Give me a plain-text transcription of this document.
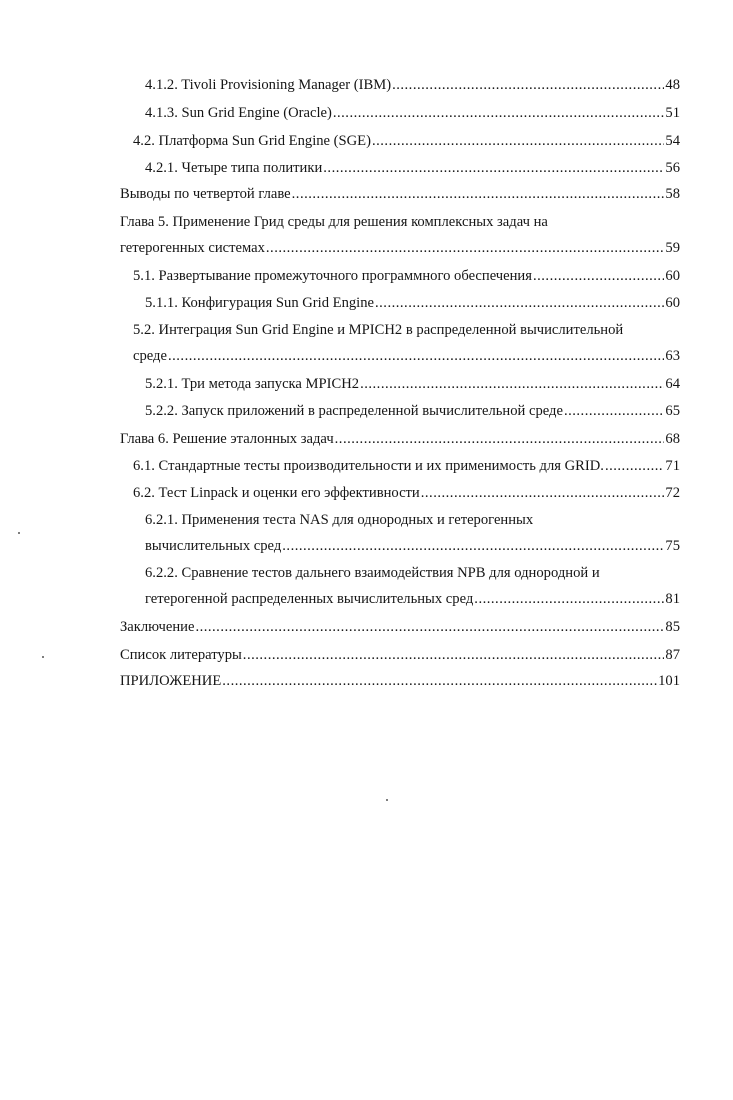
4.1.2. Tivoli Provisioning Manager (IBM) .....	48
4.1.3. Sun Grid Engine (Oracle) .....	51
4.2. Платформа Sun Grid Engine (SGE) .....	54
4.2.1. Четыре типа политики .....	56
Выводы по четвертой главе .....	58
Глава 5. Применение Грид среды для решения комплексных задач на
гетерогенных системах .....	59
5.1. Развертывание промежуточного программного обеспечения .....	60
5.1.1. Конфигурация Sun Grid Engine .....	60
5.2. Интеграция Sun Grid Engine и MPICH2 в распределенной вычислительной
среде .....	63
5.2.1. Три метода запуска MPICH2 .....	64
5.2.2. Запуск приложений в распределенной вычислительной среде .....	65
Глава 6. Решение эталонных задач .....	68
6.1. Стандартные тесты производительности и их применимость для GRID. .....	71
6.2. Тест Linpack и оценки его эффективности .....	72
6.2.1. Применения теста NAS для однородных и гетерогенных
вычислительных сред .....	75
6.2.2. Сравнение тестов дальнего взаимодействия NPB для однородной и
гетерогенной распределенных вычислительных сред .....	81
Заключение .....	85
Список литературы .....	87
ПРИЛОЖЕНИЕ .....	101
